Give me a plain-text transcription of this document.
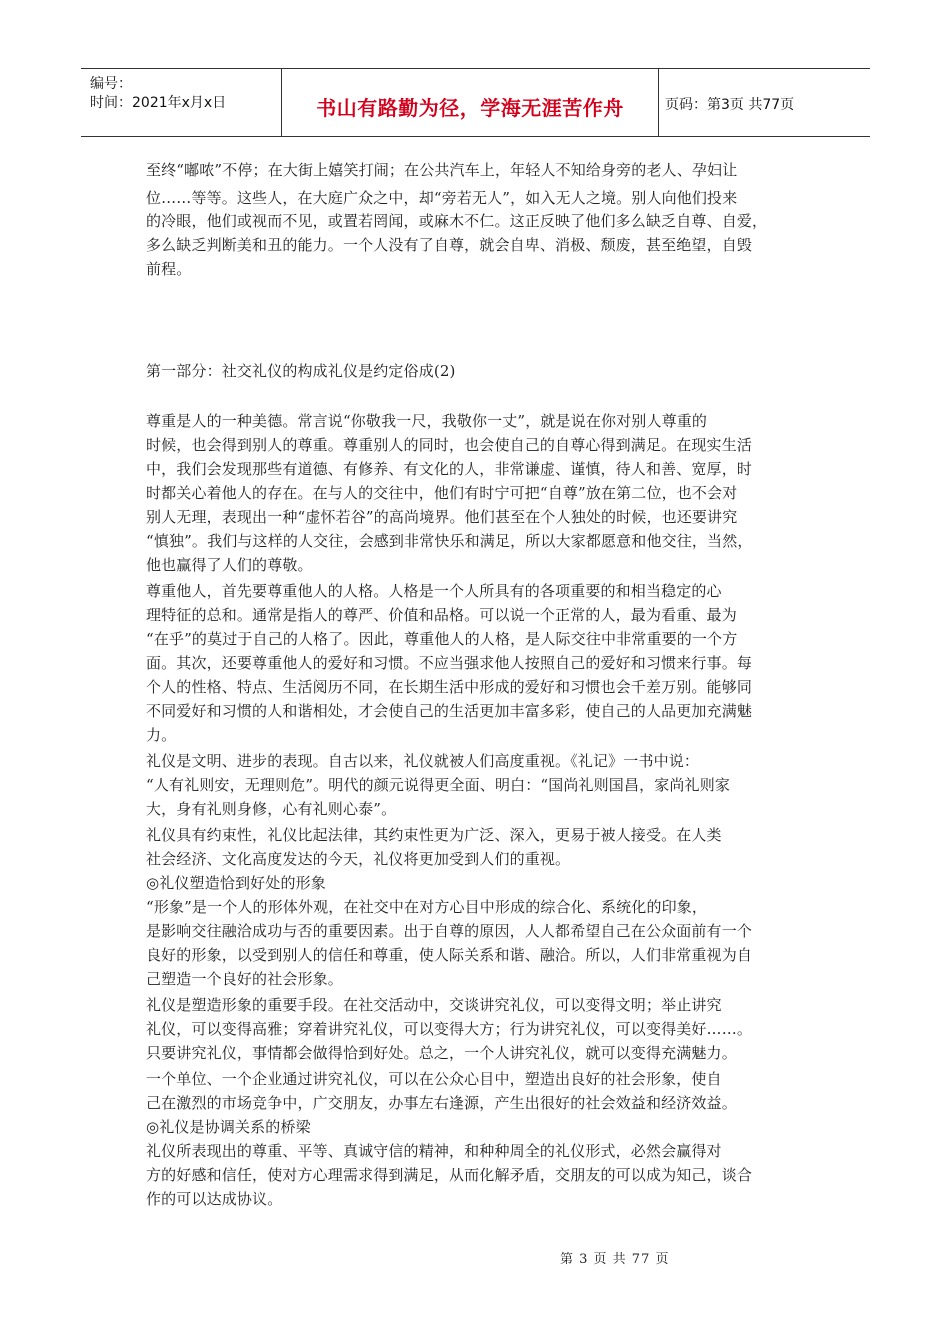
编号：
时间：2021年x月x日	书山有路勤为径，学海无涯苦作舟	页码：第3页 共77页
至终“嘟哝”不停；在大街上嬉笑打闹；在公共汽车上，年轻人不知给身旁的老人、孕妇让
位……等等。这些人，在大庭广众之中，却“旁若无人”，如入无人之境。别人向他们投来
的冷眼，他们或视而不见，或置若罔闻，或麻木不仁。这正反映了他们多么缺乏自尊、自爱，
多么缺乏判断美和丑的能力。一个人没有了自尊，就会自卑、消极、颓废，甚至绝望，自毁
前程。
第一部分：社交礼仪的构成礼仪是约定俗成(2)
尊重是人的一种美德。常言说“你敬我一尺，我敬你一丈”，就是说在你对别人尊重的
时候，也会得到别人的尊重。尊重别人的同时，也会使自己的自尊心得到满足。在现实生活
中，我们会发现那些有道德、有修养、有文化的人，非常谦虚、谨慎，待人和善、宽厚，时
时都关心着他人的存在。在与人的交往中，他们有时宁可把“自尊”放在第二位，也不会对
别人无理，表现出一种“虚怀若谷”的高尚境界。他们甚至在个人独处的时候，也还要讲究
“慎独”。我们与这样的人交往，会感到非常快乐和满足，所以大家都愿意和他交往，当然，
他也赢得了人们的尊敬。
尊重他人，首先要尊重他人的人格。人格是一个人所具有的各项重要的和相当稳定的心
理特征的总和。通常是指人的尊严、价值和品格。可以说一个正常的人，最为看重、最为
“在乎”的莫过于自己的人格了。因此，尊重他人的人格，是人际交往中非常重要的一个方
面。其次，还要尊重他人的爱好和习惯。不应当强求他人按照自己的爱好和习惯来行事。每
个人的性格、特点、生活阅历不同，在长期生活中形成的爱好和习惯也会千差万别。能够同
不同爱好和习惯的人和谐相处，才会使自己的生活更加丰富多彩，使自己的人品更加充满魅
力。
礼仪是文明、进步的表现。自古以来，礼仪就被人们高度重视。《礼记》一书中说：
“人有礼则安，无理则危”。明代的颜元说得更全面、明白：“国尚礼则国昌，家尚礼则家
大，身有礼则身修，心有礼则心泰”。
礼仪具有约束性，礼仪比起法律，其约束性更为广泛、深入，更易于被人接受。在人类
社会经济、文化高度发达的今天，礼仪将更加受到人们的重视。
◎礼仪塑造恰到好处的形象
“形象”是一个人的形体外观，在社交中在对方心目中形成的综合化、系统化的印象，
是影响交往融洽成功与否的重要因素。出于自尊的原因，人人都希望自己在公众面前有一个
良好的形象，以受到别人的信任和尊重，使人际关系和谐、融洽。所以，人们非常重视为自
己塑造一个良好的社会形象。
礼仪是塑造形象的重要手段。在社交活动中，交谈讲究礼仪，可以变得文明；举止讲究
礼仪，可以变得高雅；穿着讲究礼仪，可以变得大方；行为讲究礼仪，可以变得美好……。
只要讲究礼仪，事情都会做得恰到好处。总之，一个人讲究礼仪，就可以变得充满魅力。
一个单位、一个企业通过讲究礼仪，可以在公众心目中，塑造出良好的社会形象，使自
己在激烈的市场竞争中，广交朋友，办事左右逢源，产生出很好的社会效益和经济效益。
◎礼仪是协调关系的桥梁
礼仪所表现出的尊重、平等、真诚守信的精神，和种种周全的礼仪形式，必然会赢得对
方的好感和信任，使对方心理需求得到满足，从而化解矛盾，交朋友的可以成为知己，谈合
作的可以达成协议。
第 3 页 共 77 页
